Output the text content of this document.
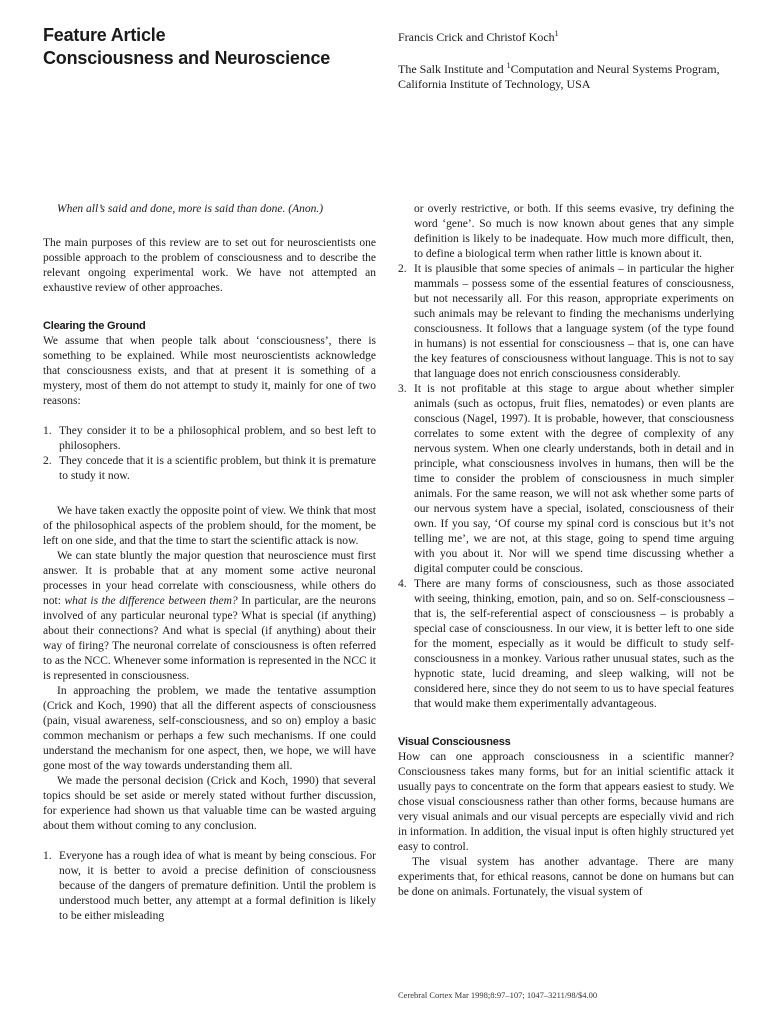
Feature Article
Consciousness and Neuroscience
Francis Crick and Christof Koch$^1$
The Salk Institute and $^1$Computation and Neural Systems Program, California Institute of Technology, USA

When all’s said and done, more is said than done. (Anon.)

The main purposes of this review are to set out for neuroscientists one possible approach to the problem of consciousness and to describe the relevant ongoing experimental work. We have not attempted an exhaustive review of other approaches.

Clearing the Ground

We assume that when people talk about ‘consciousness’, there is something to be explained. While most neuroscientists acknowledge that consciousness exists, and that at present it is something of a mystery, most of them do not attempt to study it, mainly for one of two reasons:

1. They consider it to be a philosophical problem, and so best left to philosophers.
2. They concede that it is a scientific problem, but think it is premature to study it now.

We have taken exactly the opposite point of view. We think that most of the philosophical aspects of the problem should, for the moment, be left on one side, and that the time to start the scientific attack is now.

We can state bluntly the major question that neuroscience must first answer. It is probable that at any moment some active neuronal processes in your head correlate with consciousness, while others do not: what is the difference between them? In particular, are the neurons involved of any particular neuronal type? What is special (if anything) about their connections? And what is special (if anything) about their way of firing? The neuronal correlate of consciousness is often referred to as the NCC. Whenever some information is represented in the NCC it is represented in consciousness.

In approaching the problem, we made the tentative assumption (Crick and Koch, 1990) that all the different aspects of consciousness (pain, visual awareness, self-consciousness, and so on) employ a basic common mechanism or perhaps a few such mechanisms. If one could understand the mechanism for one aspect, then, we hope, we will have gone most of the way towards understanding them all.

We made the personal decision (Crick and Koch, 1990) that several topics should be set aside or merely stated without further discussion, for experience had shown us that valuable time can be wasted arguing about them without coming to any conclusion.

1. Everyone has a rough idea of what is meant by being conscious. For now, it is better to avoid a precise definition of consciousness because of the dangers of premature definition. Until the problem is understood much better, any attempt at a formal definition is likely to be either misleading
or overly restrictive, or both. If this seems evasive, try defining the word ‘gene’. So much is now known about genes that any simple definition is likely to be inadequate. How much more difficult, then, to define a biological term when rather little is known about it.
2. It is plausible that some species of animals – in particular the higher mammals – possess some of the essential features of consciousness, but not necessarily all. For this reason, appropriate experiments on such animals may be relevant to finding the mechanisms underlying consciousness. It follows that a language system (of the type found in humans) is not essential for consciousness – that is, one can have the key features of consciousness without language. This is not to say that language does not enrich consciousness considerably.
3. It is not profitable at this stage to argue about whether simpler animals (such as octopus, fruit flies, nematodes) or even plants are conscious (Nagel, 1997). It is probable, however, that consciousness correlates to some extent with the degree of complexity of any nervous system. When one clearly understands, both in detail and in principle, what consciousness involves in humans, then will be the time to consider the problem of consciousness in much simpler animals. For the same reason, we will not ask whether some parts of our nervous system have a special, isolated, consciousness of their own. If you say, ‘Of course my spinal cord is conscious but it’s not telling me’, we are not, at this stage, going to spend time arguing with you about it. Nor will we spend time discussing whether a digital computer could be conscious.
4. There are many forms of consciousness, such as those associated with seeing, thinking, emotion, pain, and so on. Self-consciousness – that is, the self-referential aspect of consciousness – is probably a special case of consciousness. In our view, it is better left to one side for the moment, especially as it would be difficult to study self-consciousness in a monkey. Various rather unusual states, such as the hypnotic state, lucid dreaming, and sleep walking, will not be considered here, since they do not seem to us to have special features that would make them experimentally advantageous.
Visual Consciousness

How can one approach consciousness in a scientific manner? Consciousness takes many forms, but for an initial scientific attack it usually pays to concentrate on the form that appears easiest to study. We chose visual consciousness rather than other forms, because humans are very visual animals and our visual percepts are especially vivid and rich in information. In addition, the visual input is often highly structured yet easy to control.

The visual system has another advantage. There are many experiments that, for ethical reasons, cannot be done on humans but can be done on animals. Fortunately, the visual system of

Cerebral Cortex Mar 1998;8:97–107; 1047–3211/98/$4.00
